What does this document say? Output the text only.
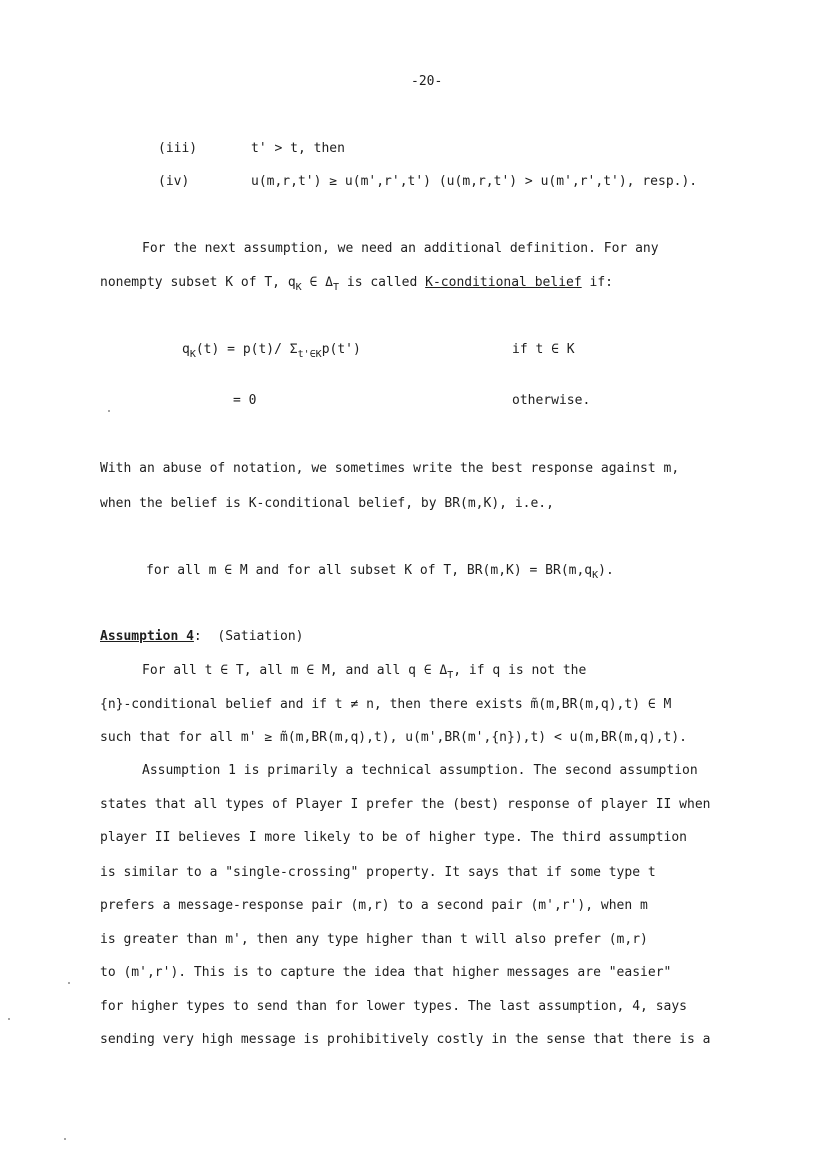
-20-
(iii)	t' > t, then
(iv)	u(m,r,t') ≥ u(m',r',t') (u(m,r,t') > u(m',r',t'), resp.).
For the next assumption, we need an additional definition. For any
nonempty subset K of T, $q_K$ ∈ $\Delta_T$ is called K-conditional belief if:
$q_K(t) = p(t)/$ $\Sigma_{t'\in K}p(t')$	if t ∈ K
= 0	otherwise.
With an abuse of notation, we sometimes write the best response against m,
when the belief is K-conditional belief, by BR(m,K), i.e.,
for all m ∈ M and for all subset K of T, $BR(m,K) = BR(m,q_K)$.
Assumption 4: (Satiation)
For all t ∈ T, all m ∈ M, and all q ∈ $\Delta_T$, if q is not the
{n}-conditional belief and if t ≠ n, then there exists m̃(m,BR(m,q),t) ∈ M
such that for all m' ≥ m̃(m,BR(m,q),t), u(m',BR(m',{n}),t) < u(m,BR(m,q),t).
Assumption 1 is primarily a technical assumption. The second assumption
states that all types of Player I prefer the (best) response of player II when
player II believes I more likely to be of higher type. The third assumption
is similar to a "single-crossing" property. It says that if some type t
prefers a message-response pair (m,r) to a second pair (m',r'), when m
is greater than m', then any type higher than t will also prefer (m,r)
to (m',r'). This is to capture the idea that higher messages are "easier"
for higher types to send than for lower types. The last assumption, 4, says
sending very high message is prohibitively costly in the sense that there is a
